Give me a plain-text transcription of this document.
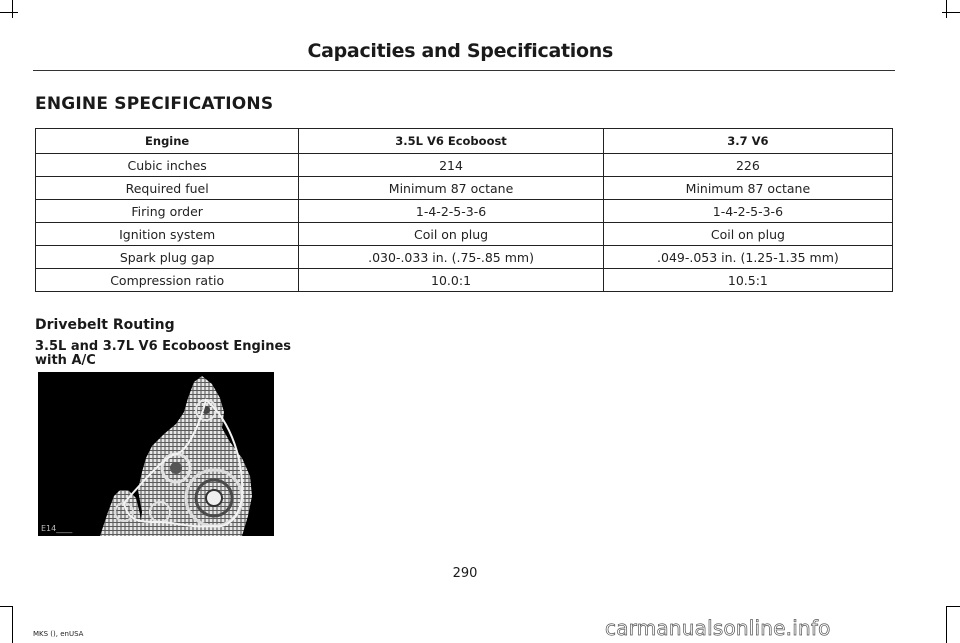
Capacities and Specifications
ENGINE SPECIFICATIONS
Engine	3.5L V6 Ecoboost	3.7 V6
Cubic inches	214	226
Required fuel	Minimum 87 octane	Minimum 87 octane
Firing order	1-4-2-5-3-6	1-4-2-5-3-6
Ignition system	Coil on plug	Coil on plug
Spark plug gap	.030-.033 in. (.75-.85 mm)	.049-.053 in. (1.25-1.35 mm)
Compression ratio	10.0:1	10.5:1
Drivebelt Routing
3.5L and 3.7L V6 Ecoboost Engines with A/C
E14____
290
MKS (), enUSA	carmanualsonline.info
